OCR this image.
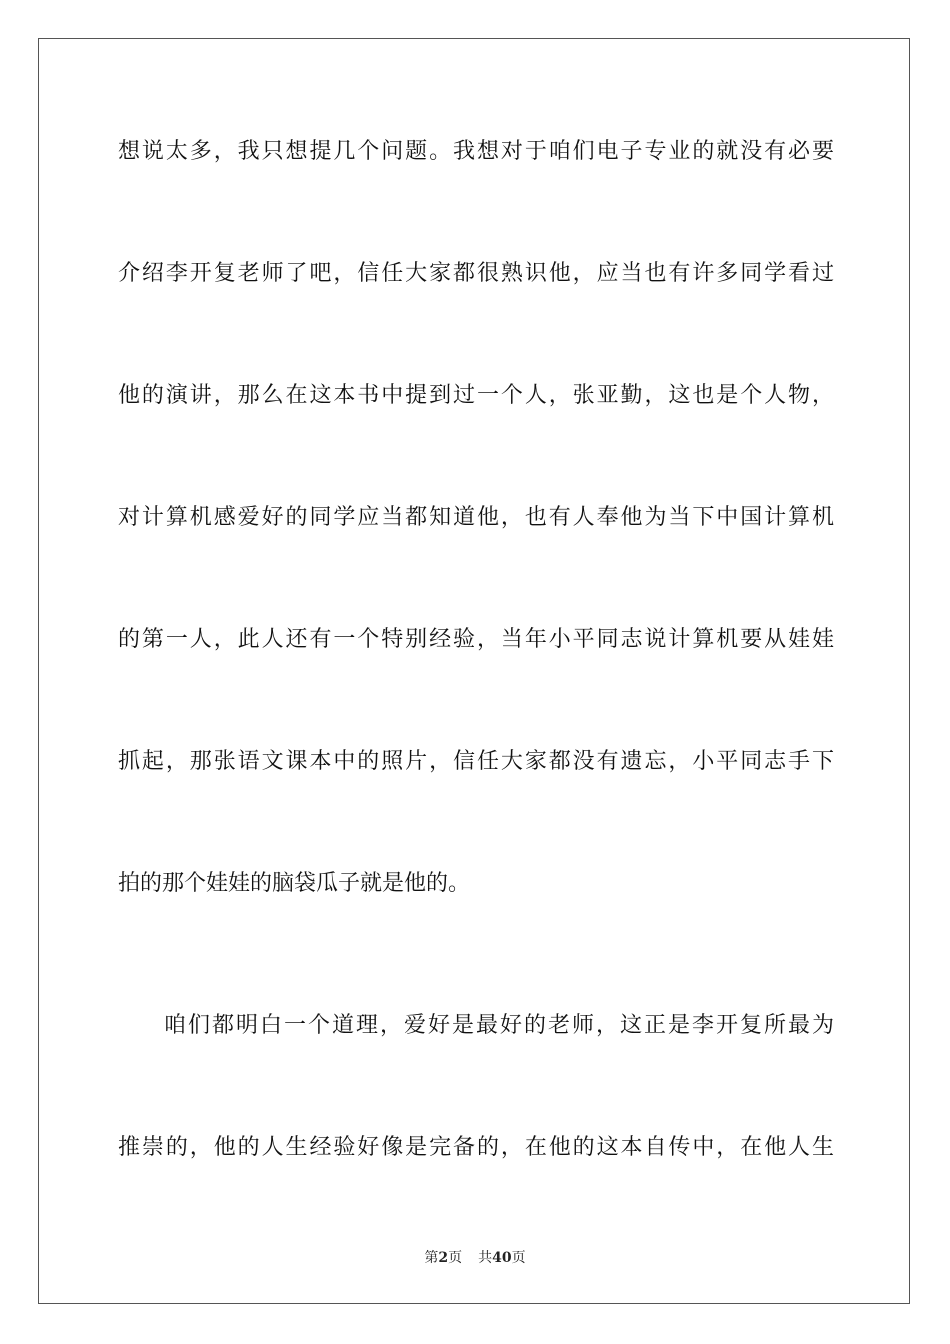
想说太多，我只想提几个问题。我想对于咱们电子专业的就没有必要
介绍李开复老师了吧，信任大家都很熟识他，应当也有许多同学看过
他的演讲，那么在这本书中提到过一个人，张亚勤，这也是个人物，
对计算机感爱好的同学应当都知道他，也有人奉他为当下中国计算机
的第一人，此人还有一个特别经验，当年小平同志说计算机要从娃娃
抓起，那张语文课本中的照片，信任大家都没有遗忘，小平同志手下
拍的那个娃娃的脑袋瓜子就是他的。
咱们都明白一个道理，爱好是最好的老师，这正是李开复所最为
推崇的，他的人生经验好像是完备的，在他的这本自传中，在他人生
第2页 共40页
